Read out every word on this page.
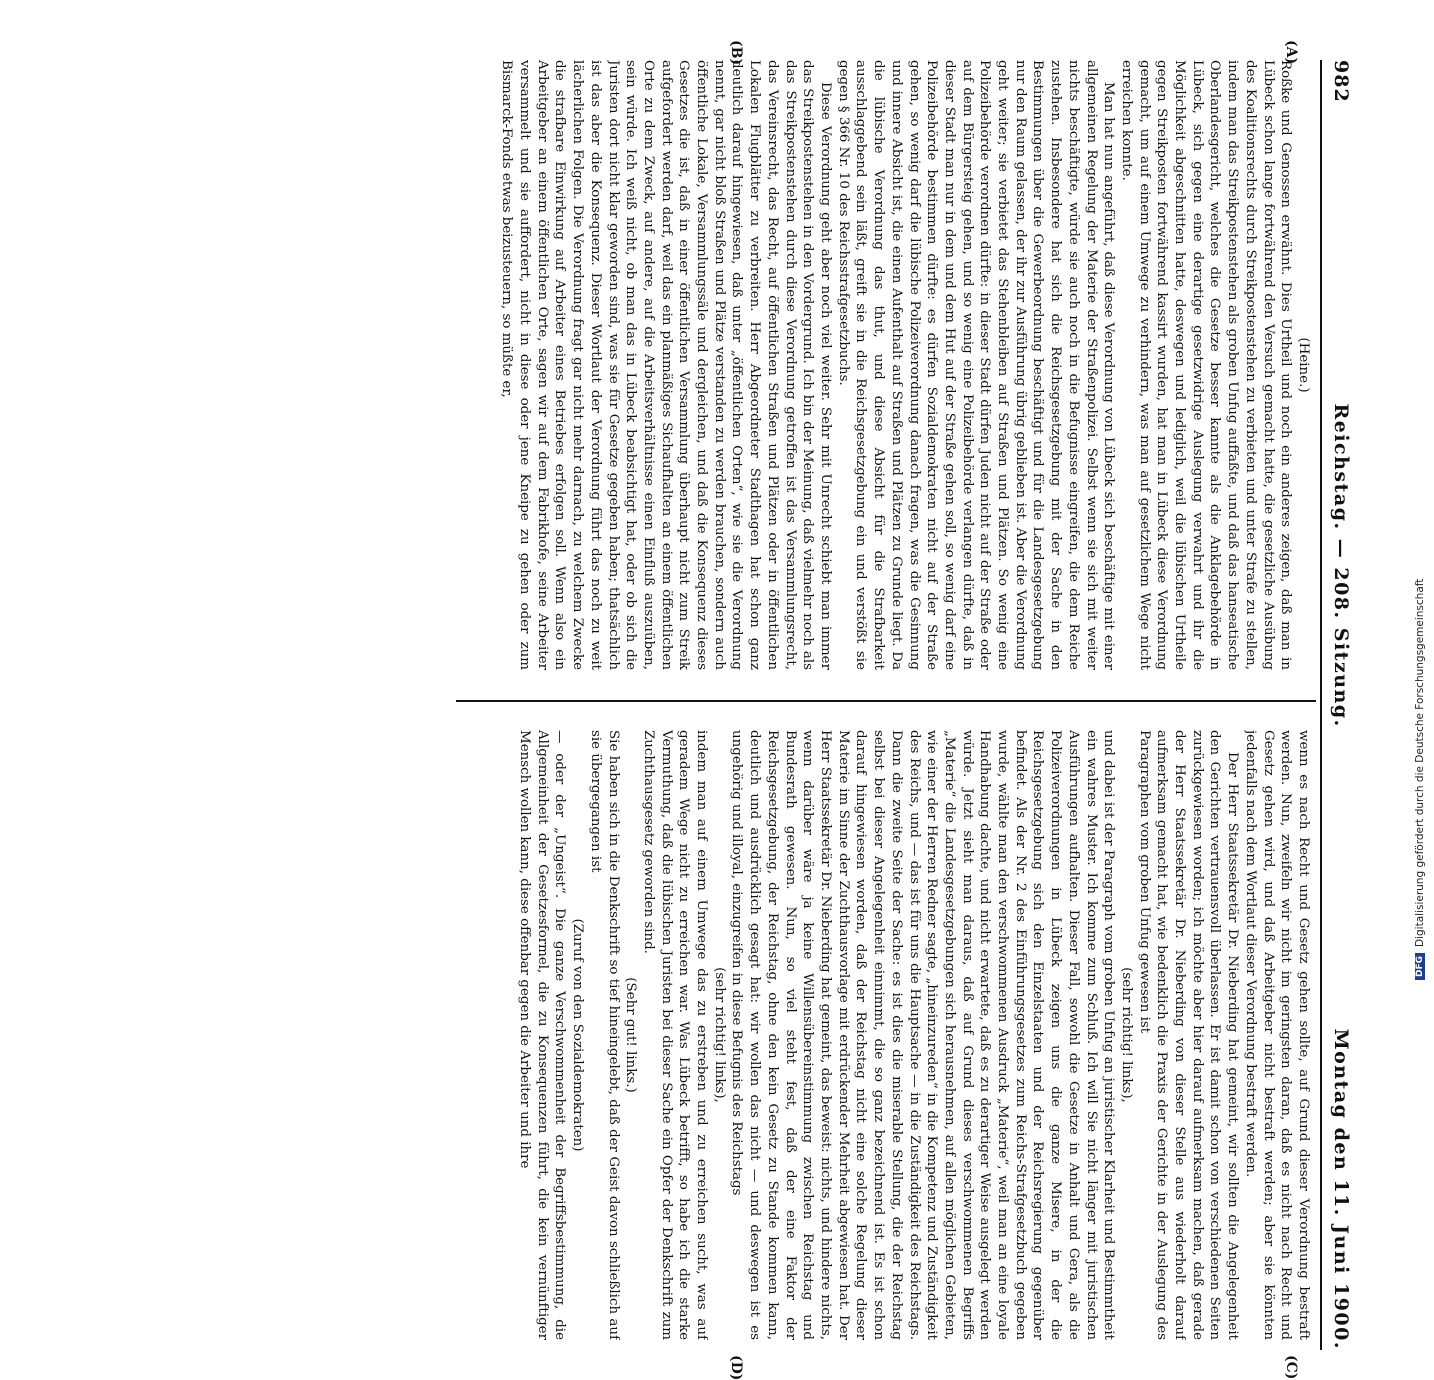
982
Reichstag. — 208. Sitzung.
Montag den 11. Juni 1900.
(A)
(B)
(C)
(D)

(Heine.)

Roßke und Genossen erwähnt. Dies Urtheil und noch ein anderes zeigen, daß man in Lübeck schon lange fortwährend den Versuch gemacht hatte, die gesetzliche Ausübung des Koalitionsrechts durch Streikpostenstehen zu verbieten und unter Strafe zu stellen, indem man das Streikpostenstehen als groben Unfug auffaßte, und daß das hanseatische Oberlandesgericht, welches die Gesetze besser kannte als die Anklagebehörde in Lübeck, sich gegen eine derartige gesetzwidrige Auslegung verwahrt und ihr die Möglichkeit abgeschnitten hatte, deswegen und lediglich, weil die lübischen Urtheile gegen Streikposten fortwährend kassirt wurden, hat man in Lübeck diese Verordnung gemacht, um auf einem Umwege zu verhindern, was man auf gesetzlichem Wege nicht erreichen konnte.

Man hat nun angeführt, daß diese Verordnung von Lübeck sich beschäftige mit einer allgemeinen Regelung der Materie der Straßenpolizei. Selbst wenn sie sich mit weiter nichts beschäftigte, würde sie auch noch in die Befugnisse eingreifen, die dem Reiche zustehen. Insbesondere hat sich die Reichsgesetzgebung mit der Sache in den Bestimmungen über die Gewerbeordnung beschäftigt und für die Landesgesetzgebung nur den Raum gelassen, der ihr zur Ausführung übrig geblieben ist. Aber die Verordnung geht weiter; sie verbietet das Stehenbleiben auf Straßen und Plätzen. So wenig eine Polizeibehörde verordnen dürfte: in dieser Stadt dürfen Juden nicht auf der Straße oder auf dem Bürgersteig gehen, und so wenig eine Polizeibehörde verlangen dürfte, daß in dieser Stadt man nur in dem und dem Hut auf der Straße gehen soll, so wenig darf eine Polizeibehörde bestimmen dürfte: es dürfen Sozialdemokraten nicht auf der Straße gehen, so wenig darf die lübische Polizeiverordnung danach fragen, was die Gesinnung und innere Absicht ist, die einen Aufenthalt auf Straßen und Plätzen zu Grunde liegt. Da die lübische Verordnung das thut, und diese Absicht für die Strafbarkeit ausschlaggebend sein läßt, greift sie in die Reichsgesetzgebung ein und verstößt sie gegen § 366 Nr. 10 des Reichsstrafgesetzbuchs.

Diese Verordnung geht aber noch viel weiter. Sehr mit Unrecht schiebt man immer das Streikpostenstehen in den Vordergrund. Ich bin der Meinung, daß vielmehr noch als das Streikpostenstehen durch diese Verordnung getroffen ist das Versammlungsrecht, das Vereinsrecht, das Recht, auf öffentlichen Straßen und Plätzen oder in öffentlichen Lokalen Flugblätter zu verbreiten. Herr Abgeordneter Stadthagen hat schon ganz deutlich darauf hingewiesen, daß unter „öffentlichen Orten“, wie sie die Verordnung nennt, gar nicht bloß Straßen und Plätze verstanden zu werden brauchen, sondern auch öffentliche Lokale, Versammlungssäle und dergleichen, und daß die Konsequenz dieses Gesetzes die ist, daß in einer öffentlichen Versammlung überhaupt nicht zum Streik aufgefordert werden darf, weil das ein planmäßiges Sichaufhalten an einem öffentlichen Orte zu dem Zweck, auf andere, auf die Arbeitsverhältnisse einen Einfluß auszuüben, sein würde. Ich weiß nicht, ob man das in Lübeck beabsichtigt hat, oder ob sich die Juristen dort nicht klar geworden sind, was sie für Gesetze gegeben haben; thatsächlich ist das aber die Konsequenz. Dieser Wortlaut der Verordnung führt das noch zu weit lächerlichen Folgen. Die Verordnung fragt gar nicht mehr darnach, zu welchem Zwecke die strafbare Einwirkung auf Arbeiter eines Betriebes erfolgen soll. Wenn also ein Arbeitgeber an einem öffentlichen Orte, sagen wir auf dem Fabrikhofe, seine Arbeiter versammelt und sie auffordert, nicht in diese oder jene Kneipe zu gehen oder zum Bismarck-Fonds etwas beizusteuern, so müßte er,

wenn es nach Recht und Gesetz gehen sollte, auf Grund dieser Verordnung bestraft werden. Nun, zweifeln wir nicht im geringsten daran, daß es nicht nach Recht und Gesetz gehen wird, und daß Arbeitgeber nicht bestraft werden; aber sie könnten jedenfalls nach dem Wortlaut dieser Verordnung bestraft werden.

Der Herr Staatssekretär Dr. Nieberding hat gemeint, wir sollten die Angelegenheit den Gerichten vertrauensvoll überlassen. Er ist damit schon von verschiedenen Seiten zurückgewiesen worden; ich möchte aber hier darauf aufmerksam machen, daß gerade der Herr Staatssekretär Dr. Nieberding von dieser Stelle aus wiederholt darauf aufmerksam gemacht hat, wie bedenklich die Praxis der Gerichte in der Auslegung des Paragraphen vom groben Unfug gewesen ist

(sehr richtig! links),

und dabei ist der Paragraph vom groben Unfug an juristischer Klarheit und Bestimmtheit ein wahres Muster. Ich komme zum Schluß. Ich will Sie nicht länger mit juristischen Ausführungen aufhalten. Dieser Fall, sowohl die Gesetze in Anhalt und Gera, als die Polizeiverordnungen in Lübeck zeigen uns die ganze Misere, in der die Reichsgesetzgebung sich den Einzelstaaten und der Reichsregierung gegenüber befindet. Als der Nr. 2 des Einführungsgesetzes zum Reichs-Strafgesetzbuch gegeben wurde, wählte man den verschwommenen Ausdruck „Materie“, weil man an eine loyale Handhabung dachte, und nicht erwartete, daß es zu derartiger Weise ausgelegt werden würde. Jetzt sieht man daraus, daß auf Grund dieses verschwommenen Begriffs „Materie“ die Landesgesetzgebungen sich herausnehmen, auf allen möglichen Gebieten, wie einer der Herren Redner sagte, „hineinzureden“ in die Kompetenz und Zuständigkeit des Reichs, und — das ist für uns die Hauptsache — in die Zuständigkeit des Reichstags. Dann die zweite Seite der Sache: es ist dies die miserable Stellung, die der Reichstag selbst bei dieser Angelegenheit einnimmt, die so ganz bezeichnend ist. Es ist schon darauf hingewiesen worden, daß der Reichstag nicht eine solche Regelung dieser Materie im Sinne der Zuchthausvorlage mit erdrückender Mehrheit abgewiesen hat. Der Herr Staatssekretär Dr. Nieberding hat gemeint, das beweist: nichts, und hindere nichts, wenn darüber wäre ja keine Willensübereinstimmung zwischen Reichstag und Bundesrath gewesen. Nun, so viel steht fest, daß der eine Faktor der Reichsgesetzgebung, der Reichstag, ohne den kein Gesetz zu Stande kommen kann, deutlich und ausdrücklich gesagt hat: wir wollen das nicht — und deswegen ist es ungehörig und illoyal, einzugreifen in diese Befugnis des Reichstags

(sehr richtig! links),

indem man auf einem Umwege das zu erstreben und zu erreichen sucht, was auf geradem Wege nicht zu erreichen war. Was Lübeck betrifft, so habe ich die starke Vermuthung, daß die lübischen Juristen bei dieser Sache ein Opfer der Denkschrift zum Zuchthausgesetz geworden sind.

(Sehr gut! links.)

Sie haben sich in die Denkschrift so tief hineingelebt, daß der Geist davon schließlich auf sie übergegangen ist

(Zuruf von den Sozialdemokraten)

— oder der „Ungeist“. Die ganze Verschwommenheit der Begriffsbestimmung, die Allgemeinheit der Gesetzesformel, die zu Konsequenzen führt, die kein vernünftiger Mensch wollen kann, diese offenbar gegen die Arbeiter und ihre	DFG
Digitalisierung gefördert durch die Deutsche Forschungsgemeinschaft
